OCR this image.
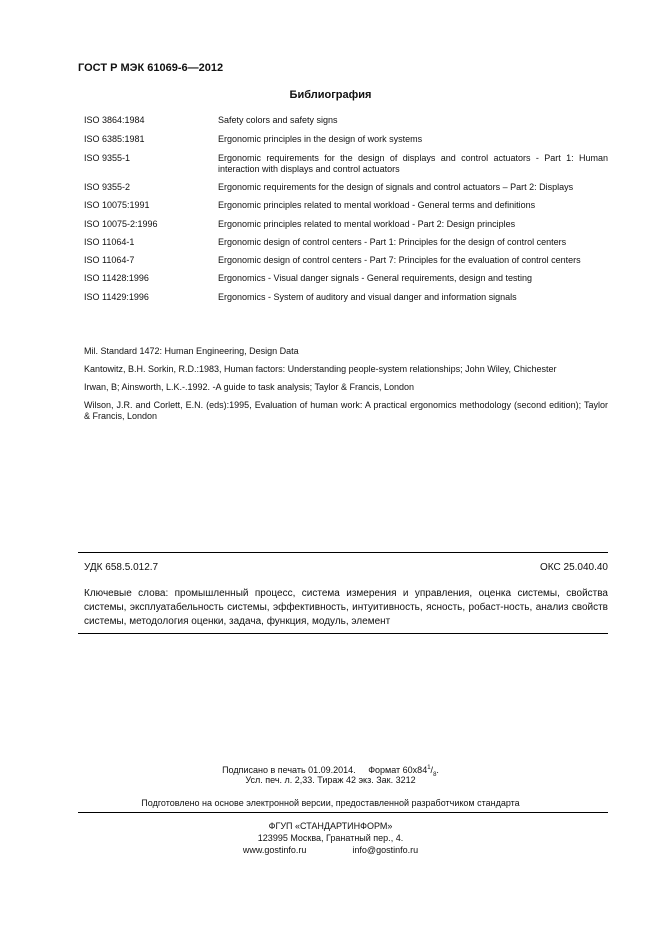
ГОСТ Р МЭК 61069-6—2012
Библиография
ISO 3864:1984	Safety colors and safety signs
ISO 6385:1981	Ergonomic principles in the design of work systems
ISO 9355-1	Ergonomic requirements for the design of displays and control actuators - Part 1: Human interaction with displays and control actuators
ISO 9355-2	Ergonomic requirements for the design of signals and control actuators – Part 2: Displays
ISO 10075:1991	Ergonomic principles related to mental workload - General terms and definitions
ISO 10075-2:1996	Ergonomic principles related to mental workload - Part 2: Design principles
ISO 11064-1	Ergonomic design of control centers - Part 1: Principles for the design of control centers
ISO 11064-7	Ergonomic design of control centers - Part 7: Principles for the evaluation of control centers
ISO 11428:1996	Ergonomics - Visual danger signals - General requirements, design and testing
ISO 11429:1996	Ergonomics - System of auditory and visual danger and information signals
Mil. Standard 1472: Human Engineering, Design Data
Kantowitz, B.H. Sorkin, R.D.:1983, Human factors: Understanding people-system relationships; John Wiley, Chichester
Irwan, B; Ainsworth, L.K.-.1992. -A guide to task analysis; Taylor & Francis, London
Wilson, J.R. and Corlett, E.N. (eds):1995, Evaluation of human work: A practical ergonomics methodology (second edition); Taylor & Francis, London
УДК 658.5.012.7	ОКС 25.040.40
Ключевые слова: промышленный процесс, система измерения и управления, оценка системы, свойства системы, эксплуатабельность системы, эффективность, интуитивность, ясность, робаст-ность, анализ свойств системы, методология оценки, задача, функция, модуль, элемент
Подписано в печать 01.09.2014. Формат $60х84^1/_8$.
Усл. печ. л. 2,33. Тираж 42 экз. Зак. 3212
Подготовлено на основе электронной версии, предоставленной разработчиком стандарта
ФГУП «СТАНДАРТИНФОРМ»
123995 Москва, Гранатный пер., 4.
www.gostinfo.ru	info@gostinfo.ru
